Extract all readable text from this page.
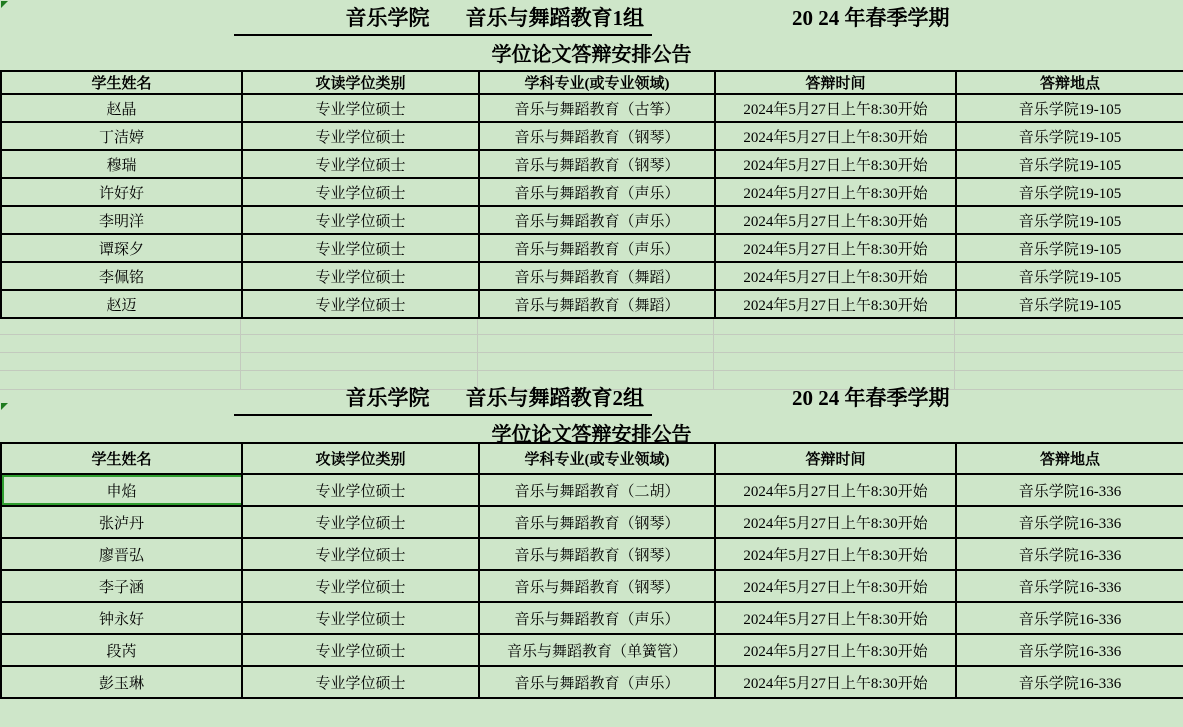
音乐学院 音乐与舞蹈教育1组	20 24 年春季学期
学位论文答辩安排公告
学生姓名	攻读学位类别	学科专业(或专业领域)	答辩时间	答辩地点
赵晶	专业学位硕士	音乐与舞蹈教育（古筝）	2024年5月27日上午8:30开始	音乐学院19-105
丁洁婷	专业学位硕士	音乐与舞蹈教育（钢琴）	2024年5月27日上午8:30开始	音乐学院19-105
穆瑞	专业学位硕士	音乐与舞蹈教育（钢琴）	2024年5月27日上午8:30开始	音乐学院19-105
许好好	专业学位硕士	音乐与舞蹈教育（声乐）	2024年5月27日上午8:30开始	音乐学院19-105
李明洋	专业学位硕士	音乐与舞蹈教育（声乐）	2024年5月27日上午8:30开始	音乐学院19-105
谭琛夕	专业学位硕士	音乐与舞蹈教育（声乐）	2024年5月27日上午8:30开始	音乐学院19-105
李佩铭	专业学位硕士	音乐与舞蹈教育（舞蹈）	2024年5月27日上午8:30开始	音乐学院19-105
赵迈	专业学位硕士	音乐与舞蹈教育（舞蹈）	2024年5月27日上午8:30开始	音乐学院19-105
音乐学院 音乐与舞蹈教育2组	20 24 年春季学期
学位论文答辩安排公告
学生姓名	攻读学位类别	学科专业(或专业领域)	答辩时间	答辩地点
申焰	专业学位硕士	音乐与舞蹈教育（二胡）	2024年5月27日上午8:30开始	音乐学院16-336
张泸丹	专业学位硕士	音乐与舞蹈教育（钢琴）	2024年5月27日上午8:30开始	音乐学院16-336
廖晋弘	专业学位硕士	音乐与舞蹈教育（钢琴）	2024年5月27日上午8:30开始	音乐学院16-336
李子涵	专业学位硕士	音乐与舞蹈教育（钢琴）	2024年5月27日上午8:30开始	音乐学院16-336
钟永好	专业学位硕士	音乐与舞蹈教育（声乐）	2024年5月27日上午8:30开始	音乐学院16-336
段芮	专业学位硕士	音乐与舞蹈教育（单簧管）	2024年5月27日上午8:30开始	音乐学院16-336
彭玉琳	专业学位硕士	音乐与舞蹈教育（声乐）	2024年5月27日上午8:30开始	音乐学院16-336
